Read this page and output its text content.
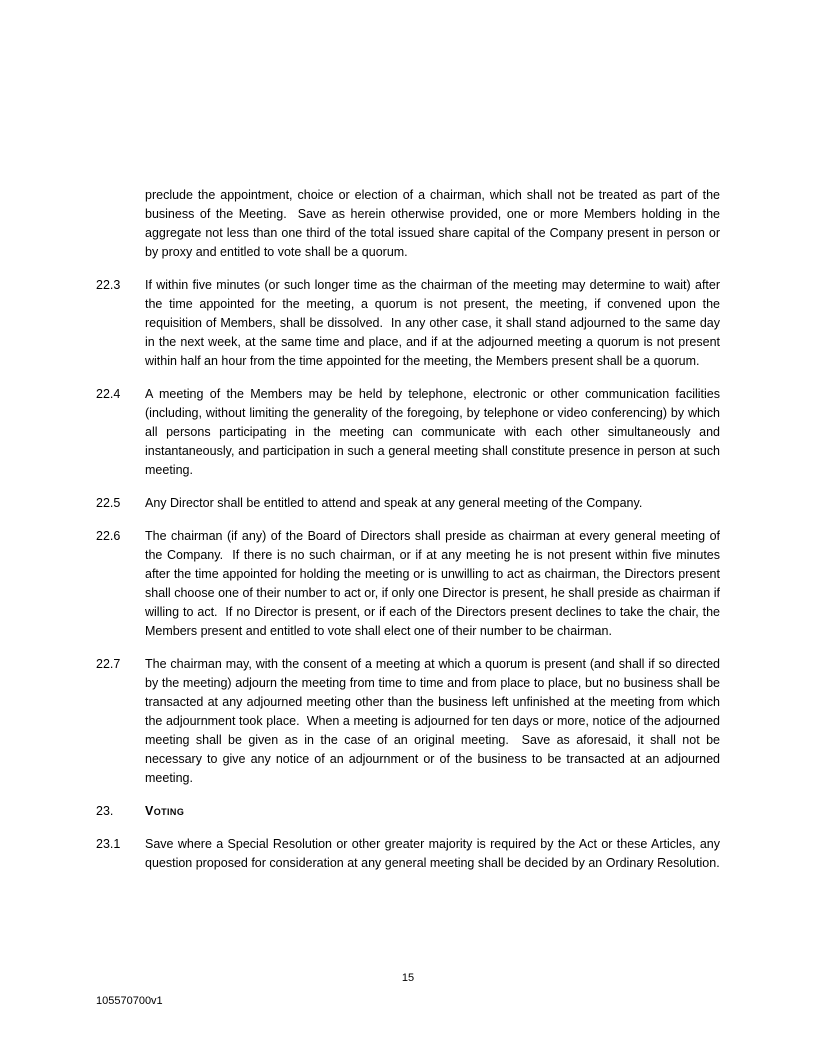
preclude the appointment, choice or election of a chairman, which shall not be treated as part of the business of the Meeting.  Save as herein otherwise provided, one or more Members holding in the aggregate not less than one third of the total issued share capital of the Company present in person or by proxy and entitled to vote shall be a quorum.

22.3	If within five minutes (or such longer time as the chairman of the meeting may determine to wait) after the time appointed for the meeting, a quorum is not present, the meeting, if convened upon the requisition of Members, shall be dissolved.  In any other case, it shall stand adjourned to the same day in the next week, at the same time and place, and if at the adjourned meeting a quorum is not present within half an hour from the time appointed for the meeting, the Members present shall be a quorum.
22.4	A meeting of the Members may be held by telephone, electronic or other communication facilities (including, without limiting the generality of the foregoing, by telephone or video conferencing) by which all persons participating in the meeting can communicate with each other simultaneously and instantaneously, and participation in such a general meeting shall constitute presence in person at such meeting.
22.5	Any Director shall be entitled to attend and speak at any general meeting of the Company.
22.6	The chairman (if any) of the Board of Directors shall preside as chairman at every general meeting of the Company.  If there is no such chairman, or if at any meeting he is not present within five minutes after the time appointed for holding the meeting or is unwilling to act as chairman, the Directors present shall choose one of their number to act or, if only one Director is present, he shall preside as chairman if willing to act.  If no Director is present, or if each of the Directors present declines to take the chair, the Members present and entitled to vote shall elect one of their number to be chairman.
22.7	The chairman may, with the consent of a meeting at which a quorum is present (and shall if so directed by the meeting) adjourn the meeting from time to time and from place to place, but no business shall be transacted at any adjourned meeting other than the business left unfinished at the meeting from which the adjournment took place.  When a meeting is adjourned for ten days or more, notice of the adjourned meeting shall be given as in the case of an original meeting.  Save as aforesaid, it shall not be necessary to give any notice of an adjournment or of the business to be transacted at an adjourned meeting.
23.	Voting
23.1	Save where a Special Resolution or other greater majority is required by the Act or these Articles, any question proposed for consideration at any general meeting shall be decided by an Ordinary Resolution.
15
105570700v1
